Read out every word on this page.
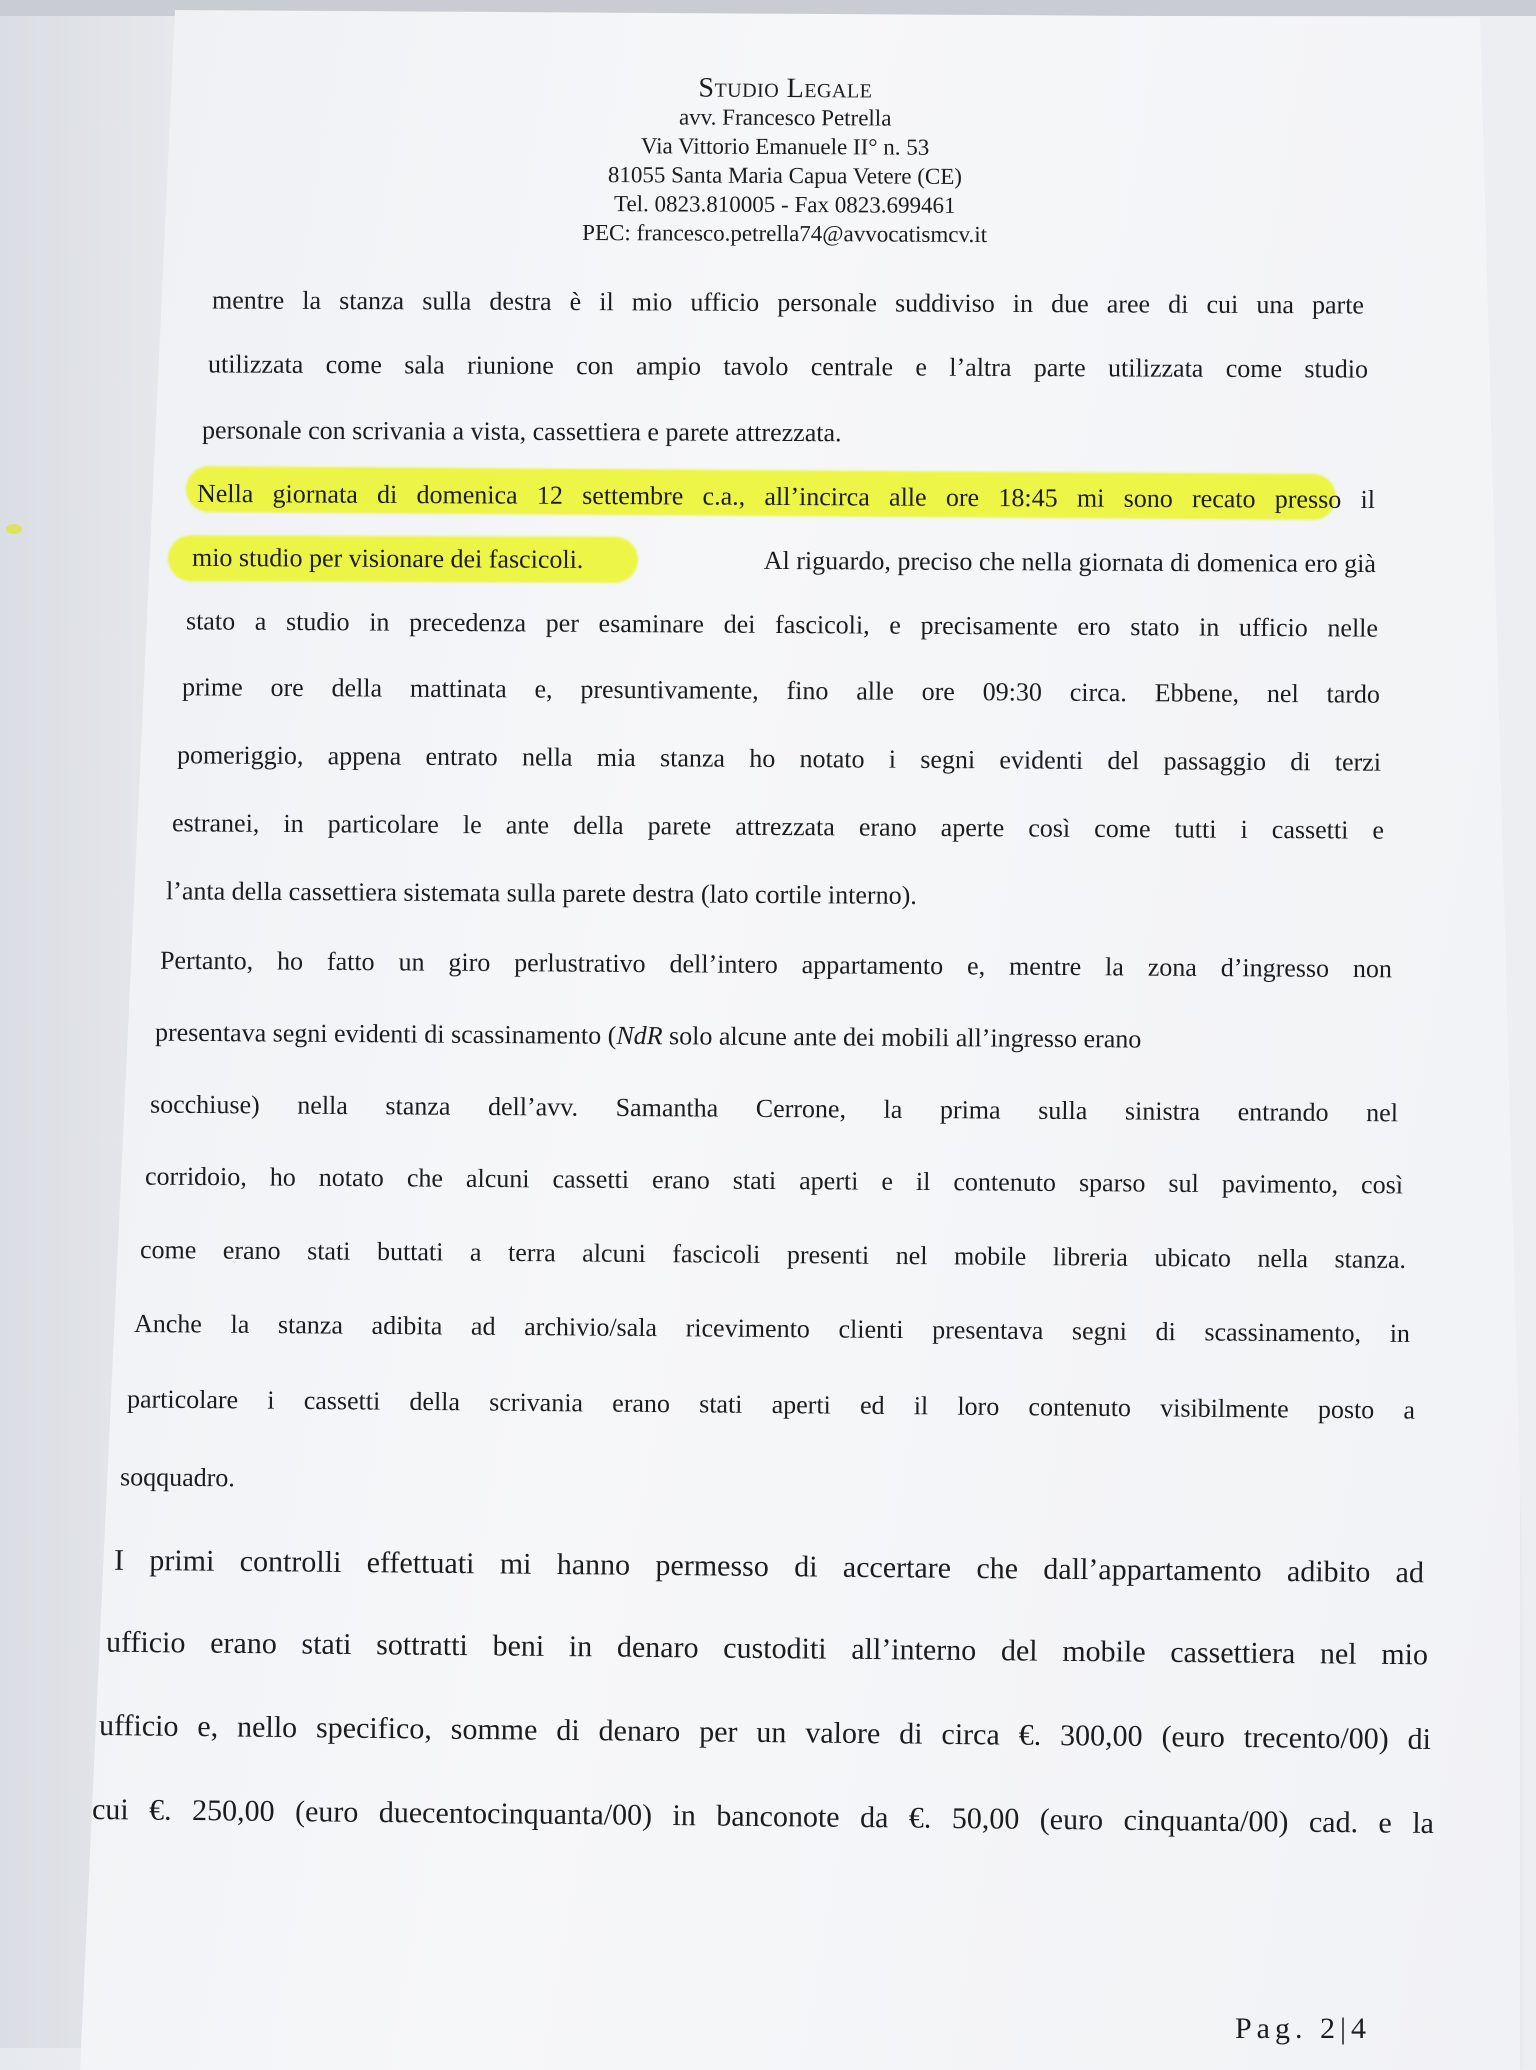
Studio Legale
avv. Francesco Petrella
Via Vittorio Emanuele II° n. 53
81055 Santa Maria Capua Vetere (CE)
Tel. 0823.810005 - Fax 0823.699461
PEC: francesco.petrella74@avvocatismcv.it
mentre la stanza sulla destra è il mio ufficio personale suddiviso in due aree di cui una parte
utilizzata come sala riunione con ampio tavolo centrale e l’altra parte utilizzata come studio
personale con scrivania a vista, cassettiera e parete attrezzata.
Nella giornata di domenica 12 settembre c.a., all’incirca alle ore 18:45 mi sono recato presso il
mio studio per visionare dei fascicoli.	Al riguardo, preciso che nella giornata di domenica ero già
stato a studio in precedenza per esaminare dei fascicoli, e precisamente ero stato in ufficio nelle
prime ore della mattinata e, presuntivamente, fino alle ore 09:30 circa. Ebbene, nel tardo
pomeriggio, appena entrato nella mia stanza ho notato i segni evidenti del passaggio di terzi
estranei, in particolare le ante della parete attrezzata erano aperte così come tutti i cassetti e
l’anta della cassettiera sistemata sulla parete destra (lato cortile interno).
Pertanto, ho fatto un giro perlustrativo dell’intero appartamento e, mentre la zona d’ingresso non
presentava segni evidenti di scassinamento (NdR solo alcune ante dei mobili all’ingresso erano
socchiuse) nella stanza dell’avv. Samantha Cerrone, la prima sulla sinistra entrando nel
corridoio, ho notato che alcuni cassetti erano stati aperti e il contenuto sparso sul pavimento, così
come erano stati buttati a terra alcuni fascicoli presenti nel mobile libreria ubicato nella stanza.
Anche la stanza adibita ad archivio/sala ricevimento clienti presentava segni di scassinamento, in
particolare i cassetti della scrivania erano stati aperti ed il loro contenuto visibilmente posto a
soqquadro.
I primi controlli effettuati mi hanno permesso di accertare che dall’appartamento adibito ad
ufficio erano stati sottratti beni in denaro custoditi all’interno del mobile cassettiera nel mio
ufficio e, nello specifico, somme di denaro per un valore di circa €. 300,00 (euro trecento/00) di
cui €. 250,00 (euro duecentocinquanta/00) in banconote da €. 50,00 (euro cinquanta/00) cad. e la
Pag. 2|4
